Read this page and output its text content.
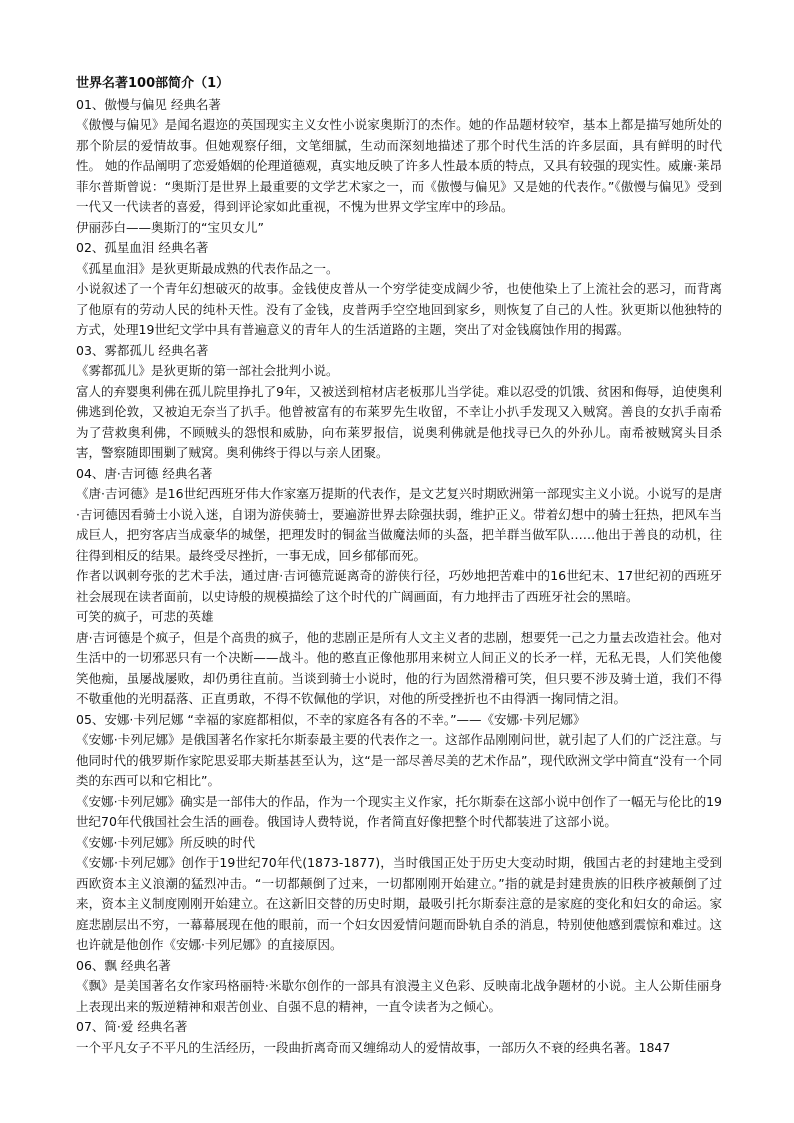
世界名著100部简介（1）

01、傲慢与偏见 经典名著

《傲慢与偏见》是闻名遐迩的英国现实主义女性小说家奥斯汀的杰作。她的作品题材较窄，基本上都是描写她所处的那个阶层的爱情故事。但她观察仔细，文笔细腻，生动而深刻地描述了那个时代生活的许多层面，具有鲜明的时代性。 她的作品阐明了恋爱婚姻的伦理道德观，真实地反映了许多人性最本质的特点，又具有较强的现实性。威廉·莱昂菲尔普斯曾说：“奥斯汀是世界上最重要的文学艺术家之一，而《傲慢与偏见》又是她的代表作。”《傲慢与偏见》受到一代又一代读者的喜爱，得到评论家如此重视，不愧为世界文学宝库中的珍品。

伊丽莎白——奥斯汀的“宝贝女儿”

02、孤星血泪 经典名著

《孤星血泪》是狄更斯最成熟的代表作品之一。

小说叙述了一个青年幻想破灭的故事。金钱使皮普从一个穷学徒变成阔少爷，也使他染上了上流社会的恶习，而背离了他原有的劳动人民的纯朴天性。没有了金钱，皮普两手空空地回到家乡，则恢复了自己的人性。狄更斯以他独特的方式，处理19世纪文学中具有普遍意义的青年人的生活道路的主题，突出了对金钱腐蚀作用的揭露。

03、雾都孤儿 经典名著

《雾都孤儿》是狄更斯的第一部社会批判小说。

富人的弃婴奥利佛在孤儿院里挣扎了9年，又被送到棺材店老板那儿当学徒。难以忍受的饥饿、贫困和侮辱，迫使奥利佛逃到伦敦，又被迫无奈当了扒手。他曾被富有的布莱罗先生收留，不幸让小扒手发现又入贼窝。善良的女扒手南希为了营救奥利佛，不顾贼头的怨恨和威胁，向布莱罗报信，说奥利佛就是他找寻已久的外孙儿。南希被贼窝头目杀害，警察随即围剿了贼窝。奥利佛终于得以与亲人团聚。

04、唐·吉诃德 经典名著

《唐·吉诃德》是16世纪西班牙伟大作家塞万提斯的代表作，是文艺复兴时期欧洲第一部现实主义小说。小说写的是唐·吉诃德因看骑士小说入迷，自诩为游侠骑士，要遍游世界去除强扶弱，维护正义。带着幻想中的骑士狂热，把风车当成巨人，把穷客店当成豪华的城堡，把理发时的铜盆当做魔法师的头盔，把羊群当做军队……他出于善良的动机，往往得到相反的结果。最终受尽挫折，一事无成，回乡郁郁而死。

作者以讽刺夸张的艺术手法，通过唐·吉诃德荒诞离奇的游侠行径，巧妙地把苦难中的16世纪末、17世纪初的西班牙社会展现在读者面前，以史诗般的规模描绘了这个时代的广阔画面，有力地抨击了西班牙社会的黑暗。

可笑的疯子，可悲的英雄

唐·吉诃德是个疯子，但是个高贵的疯子，他的悲剧正是所有人文主义者的悲剧，想要凭一己之力量去改造社会。他对生活中的一切邪恶只有一个决断——战斗。他的憨直正像他那用来树立人间正义的长矛一样，无私无畏，人们笑他傻笑他痴，虽屡战屡败，却仍勇往直前。当谈到骑士小说时，他的行为固然滑稽可笑，但只要不涉及骑士道，我们不得不敬重他的光明磊落、正直勇敢，不得不钦佩他的学识，对他的所受挫折也不由得洒一掬同情之泪。

05、安娜·卡列尼娜 “幸福的家庭都相似，不幸的家庭各有各的不幸。”——《安娜·卡列尼娜》

《安娜·卡列尼娜》是俄国著名作家托尔斯泰最主要的代表作之一。这部作品刚刚问世，就引起了人们的广泛注意。与他同时代的俄罗斯作家陀思妥耶夫斯基甚至认为，这“是一部尽善尽美的艺术作品”，现代欧洲文学中简直“没有一个同类的东西可以和它相比”。

《安娜·卡列尼娜》确实是一部伟大的作品，作为一个现实主义作家，托尔斯泰在这部小说中创作了一幅无与伦比的19世纪70年代俄国社会生活的画卷。俄国诗人费特说，作者简直好像把整个时代都装进了这部小说。

《安娜·卡列尼娜》所反映的时代

《安娜·卡列尼娜》创作于19世纪70年代(1873-1877)，当时俄国正处于历史大变动时期，俄国古老的封建地主受到西欧资本主义浪潮的猛烈冲击。“一切都颠倒了过来，一切都刚刚开始建立。”指的就是封建贵族的旧秩序被颠倒了过来，资本主义制度刚刚开始建立。在这新旧交替的历史时期，最吸引托尔斯泰注意的是家庭的变化和妇女的命运。家庭悲剧层出不穷，一幕幕展现在他的眼前，而一个妇女因爱情问题而卧轨自杀的消息，特别使他感到震惊和难过。这也许就是他创作《安娜·卡列尼娜》的直接原因。

06、飘 经典名著

《飘》是美国著名女作家玛格丽特·米歇尔创作的一部具有浪漫主义色彩、反映南北战争题材的小说。主人公斯佳丽身上表现出来的叛逆精神和艰苦创业、自强不息的精神，一直令读者为之倾心。

07、简·爱 经典名著

一个平凡女子不平凡的生活经历，一段曲折离奇而又缠绵动人的爱情故事，一部历久不衰的经典名著。1847
